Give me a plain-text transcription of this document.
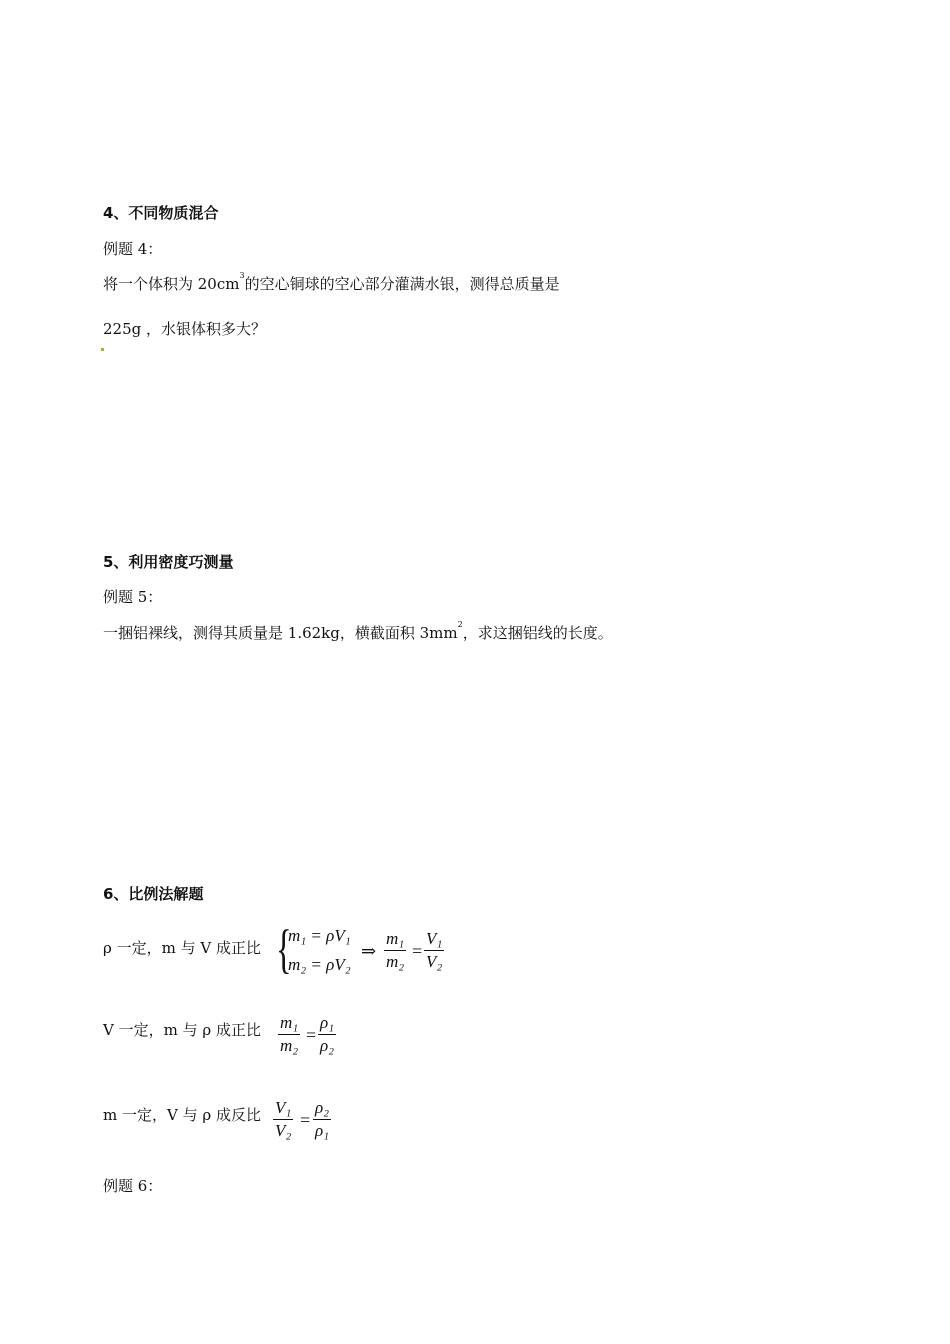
4、不同物质混合
例题 4：
将一个体积为 $20cm^3$的空心铜球的空心部分灌满水银，测得总质量是
225g ，水银体积多大？
5、利用密度巧测量
例题 5：
一捆铝裸线，测得其质量是 1.62kg，横截面积 $3mm^2$，求这捆铝线的长度。
6、比例法解题
ρ 一定，m 与 V 成正比 {
m₁ = ρV₁
m₂ = ρV₂
⇒
m₁
m₂
=
V₁
V₂
V 一定，m 与 ρ 成正比 m₁
m₂
=
ρ₁
ρ₂
m 一定，V 与 ρ 成反比 V₁
V₂
=
ρ₂
ρ₁
例题 6：
